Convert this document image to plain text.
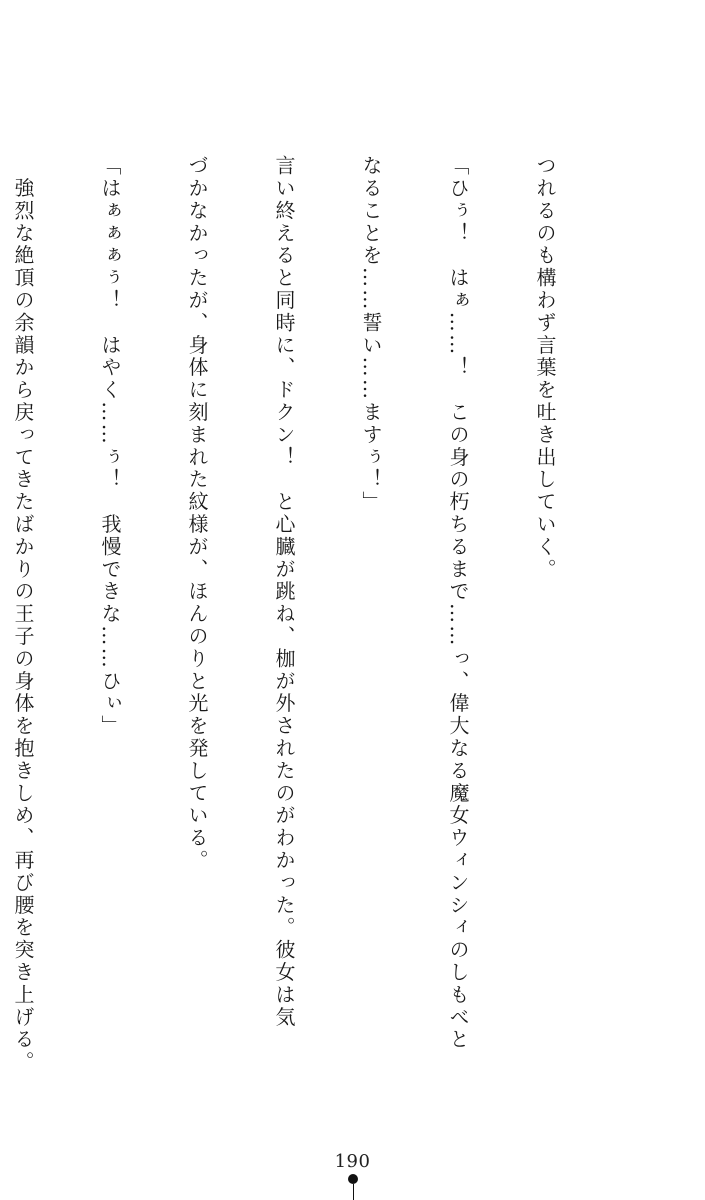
つれるのも構わず言葉を吐き出していく。

「ひぅ！　はぁ……！　この身の朽ちるまで……っ、偉大なる魔女ウィンシィのしもべと

なることを……誓い……ますぅ！」

言い終えると同時に、ドクン！　と心臓が跳ね、枷が外されたのがわかった。彼女は気

づかなかったが、身体に刻まれた紋様が、ほんのりと光を発している。

「はぁぁぁぅ！　はやく……ぅ！　我慢できな……ひぃ」

　強烈な絶頂の余韻から戻ってきたばかりの王子の身体を抱きしめ、再び腰を突き上げる。

190
